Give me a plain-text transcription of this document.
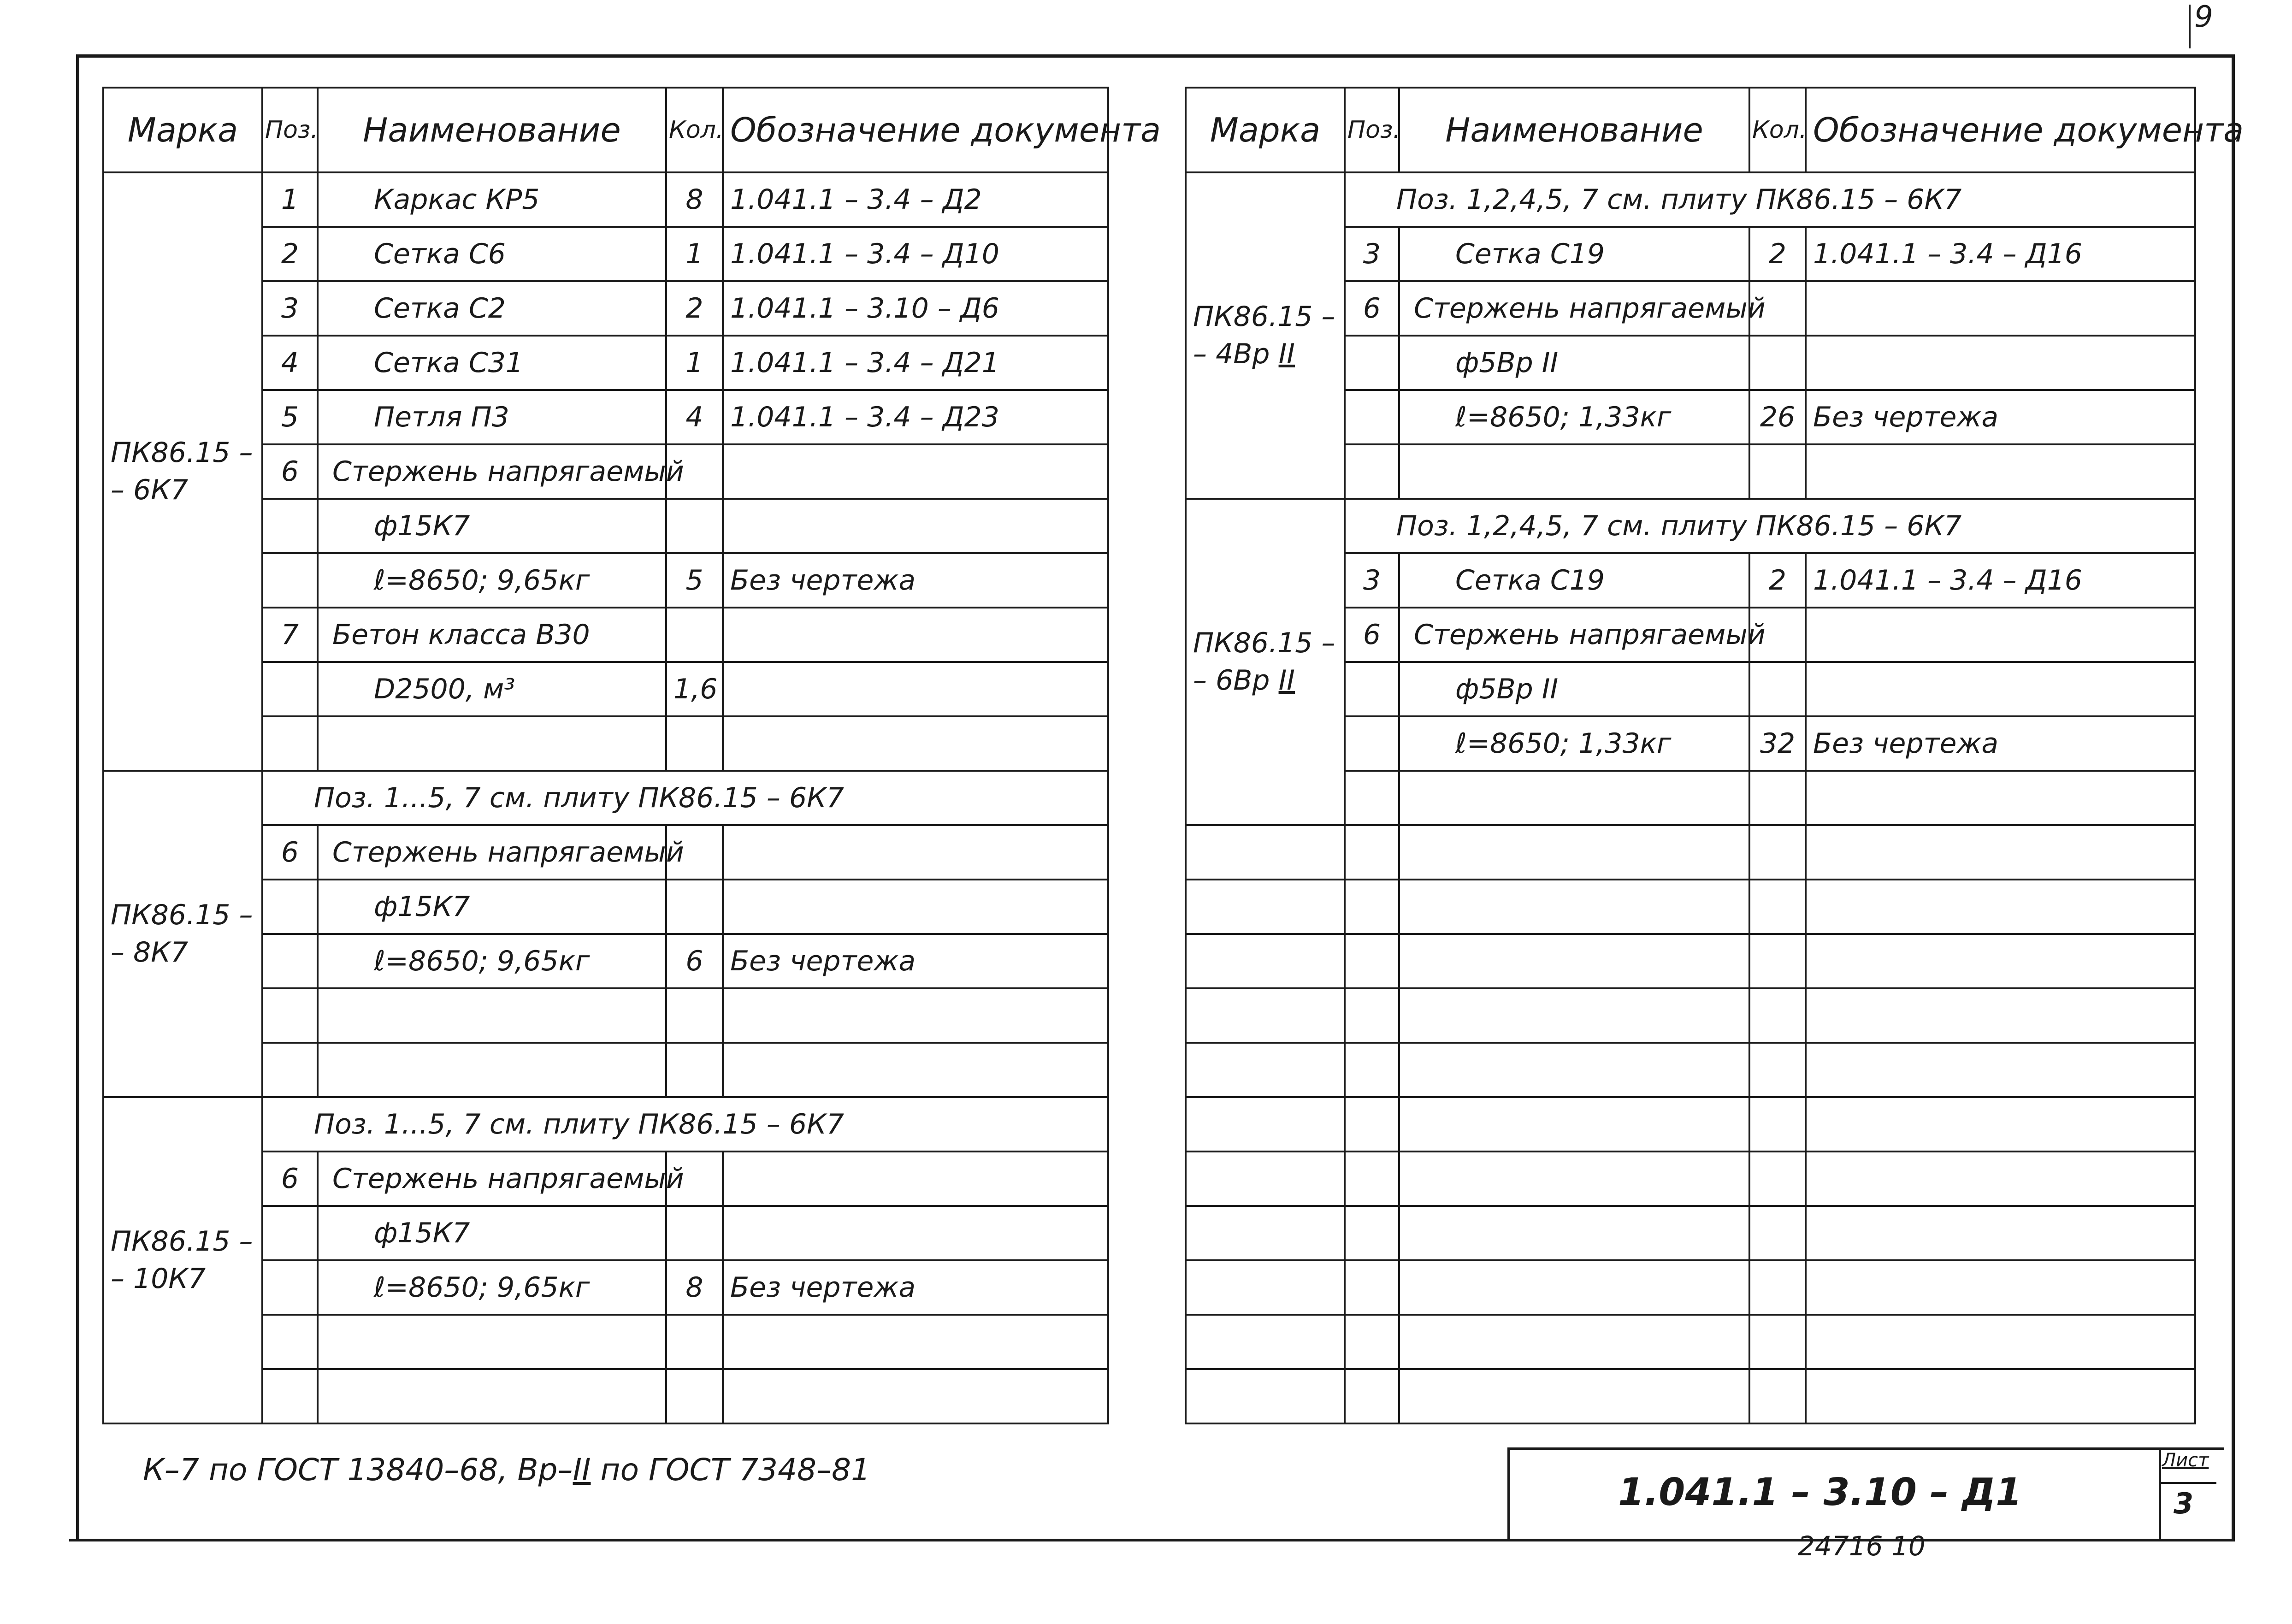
9
Марка	Поз.	Наименование	Кол.	Обозначение документа

ПК86.15 –
– 6К7	1	Каркас КР5	8	1.041.1 – 3.4 – Д2
	2	Сетка С6	1	1.041.1 – 3.4 – Д10
	3	Сетка С2	2	1.041.1 – 3.10 – Д6
	4	Сетка С31	1	1.041.1 – 3.4 – Д21
	5	Петля П3	4	1.041.1 – 3.4 – Д23
	6	Стержень напрягаемый		
		ф15К7		
		ℓ=8650; 9,65кг	5	Без чертежа
	7	Бетон класса В30		
		D2500, м³	1,6	

ПК86.15 –
– 8К7	Поз. 1...5, 7 см. плиту ПК86.15 – 6К7			
	6	Стержень напрягаемый		
		ф15К7		
		ℓ=8650; 9,65кг	6	Без чертежа

ПК86.15 –
– 10К7	Поз. 1...5, 7 см. плиту ПК86.15 – 6К7			
	6	Стержень напрягаемый		
		ф15К7		
		ℓ=8650; 9,65кг	8	Без чертежа

Марка	Поз.	Наименование	Кол.	Обозначение документа

ПК86.15 –
– 4Вр II	Поз. 1,2,4,5, 7 см. плиту ПК86.15 – 6К7			
	3	Сетка С19	2	1.041.1 – 3.4 – Д16
	6	Стержень напрягаемый		
		ф5Вр II		
		ℓ=8650; 1,33кг	26	Без чертежа

ПК86.15 –
– 6Вр II	Поз. 1,2,4,5, 7 см. плиту ПК86.15 – 6К7			
	3	Сетка С19	2	1.041.1 – 3.4 – Д16
	6	Стержень напрягаемый		
		ф5Вр II		
		ℓ=8650; 1,33кг	32	Без чертежа

К–7 по ГОСТ 13840–68, Вр–II по ГОСТ 7348–81
1.041.1 – 3.10 – Д1
Лист
3
24716 10
